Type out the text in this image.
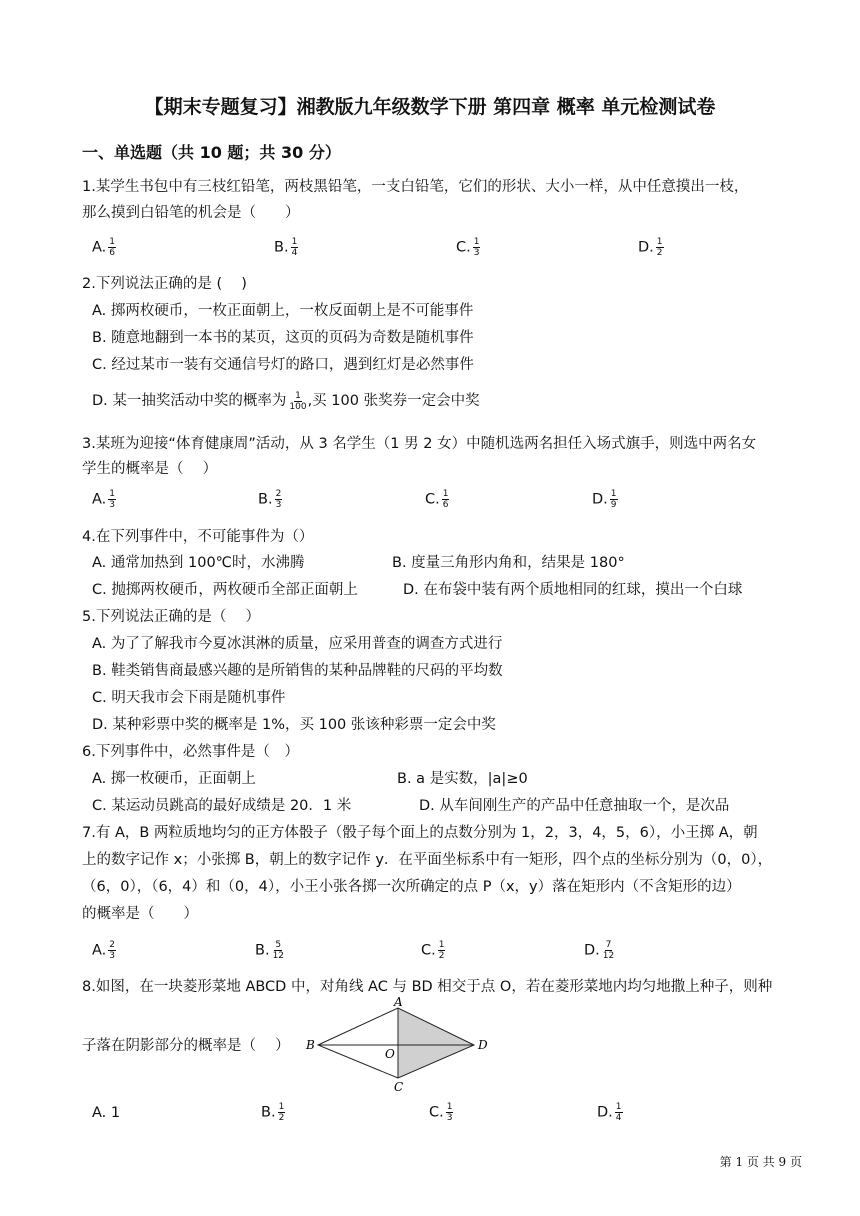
【期末专题复习】湘教版九年级数学下册 第四章 概率 单元检测试卷
一、单选题（共 10 题；共 30 分）
1.某学生书包中有三枝红铅笔，两枝黑铅笔，一支白铅笔，它们的形状、大小一样，从中任意摸出一枝，
那么摸到白铅笔的机会是（　　）
A. $\frac{1}{6}$	B. $\frac{1}{4}$	C. $\frac{1}{3}$	D. $\frac{1}{2}$
2.下列说法正确的是 (　 )
A. 掷两枚硬币，一枚正面朝上，一枚反面朝上是不可能事件
B. 随意地翻到一本书的某页，这页的页码为奇数是随机事件
C. 经过某市一装有交通信号灯的路口，遇到红灯是必然事件
D. 某一抽奖活动中奖的概率为 $\frac{1}{100}$ ,买 100 张奖券一定会中奖
3.某班为迎接“体育健康周”活动，从 3 名学生（1 男 2 女）中随机选两名担任入场式旗手，则选中两名女
学生的概率是（　 ）
A. $\frac{1}{3}$	B. $\frac{2}{3}$	C. $\frac{1}{6}$	D. $\frac{1}{9}$
4.在下列事件中，不可能事件为（）
A. 通常加热到 100℃时，水沸腾	B. 度量三角形内角和，结果是 180°
C. 抛掷两枚硬币，两枚硬币全部正面朝上	D. 在布袋中装有两个质地相同的红球，摸出一个白球
5.下列说法正确的是（　 ）
A. 为了了解我市今夏冰淇淋的质量，应采用普查的调查方式进行
B. 鞋类销售商最感兴趣的是所销售的某种品牌鞋的尺码的平均数
C. 明天我市会下雨是随机事件
D. 某种彩票中奖的概率是 1%，买 100 张该种彩票一定会中奖
6.下列事件中，必然事件是（　）
A. 掷一枚硬币，正面朝上	B. a 是实数，|a|≥0
C. 某运动员跳高的最好成绩是 20．1 米	D. 从车间刚生产的产品中任意抽取一个，是次品
7.有 A，B 两粒质地均匀的正方体骰子（骰子每个面上的点数分别为 1，2，3，4，5，6），小王掷 A，朝
上的数字记作 x；小张掷 B，朝上的数字记作 y．在平面坐标系中有一矩形，四个点的坐标分别为（0，0），
（6，0），（6，4）和（0，4），小王小张各掷一次所确定的点 P（x，y）落在矩形内（不含矩形的边）
的概率是（　　）
A. $\frac{2}{3}$	B. $\frac{5}{12}$	C. $\frac{1}{2}$	D. $\frac{7}{12}$
8.如图，在一块菱形菜地 ABCD 中，对角线 AC 与 BD 相交于点 O，若在菱形菜地内均匀地撒上种子，则种
子落在阴影部分的概率是（　 ）
A
B	D
C
O
A. 1	B. $\frac{1}{2}$	C. $\frac{1}{3}$	D. $\frac{1}{4}$
第 1 页 共 9 页
